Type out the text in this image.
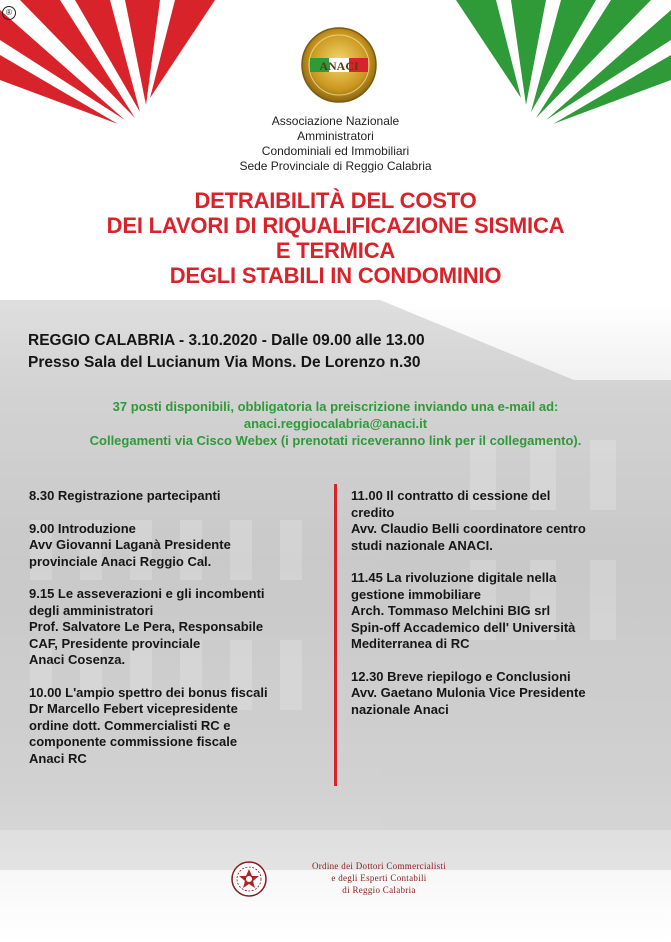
®
ANACI
Associazione Nazionale
Amministratori
Condominiali ed Immobiliari
Sede Provinciale di Reggio Calabria
DETRAIBILITÀ DEL COSTO
DEI LAVORI DI RIQUALIFICAZIONE SISMICA
E TERMICA
DEGLI STABILI IN CONDOMINIO
REGGIO CALABRIA - 3.10.2020 - Dalle 09.00 alle 13.00
Presso Sala del Lucianum Via Mons. De Lorenzo n.30
37 posti disponibili, obbligatoria la preiscrizione inviando una e-mail ad:
anaci.reggiocalabria@anaci.it
Collegamenti via Cisco Webex (i prenotati riceveranno link per il collegamento).
8.30 Registrazione partecipanti
9.00 Introduzione
Avv Giovanni Laganà Presidente
provinciale Anaci Reggio Cal.
9.15 Le asseverazioni e gli incombenti
degli amministratori
Prof. Salvatore Le Pera, Responsabile
CAF, Presidente provinciale
Anaci Cosenza.
10.00 L'ampio spettro dei bonus fiscali
Dr Marcello Febert vicepresidente
ordine dott. Commercialisti RC e
componente commissione fiscale
Anaci RC
11.00 Il contratto di cessione del
credito
Avv. Claudio Belli coordinatore centro
studi nazionale ANACI.
11.45 La rivoluzione digitale nella
gestione immobiliare
Arch. Tommaso Melchini BIG srl
Spin-off Accademico dell' Università
Mediterranea di RC
12.30 Breve riepilogo e Conclusioni
Avv. Gaetano Mulonia Vice Presidente
nazionale Anaci
Ordine dei Dottori Commercialisti
e degli Esperti Contabili
di Reggio Calabria
